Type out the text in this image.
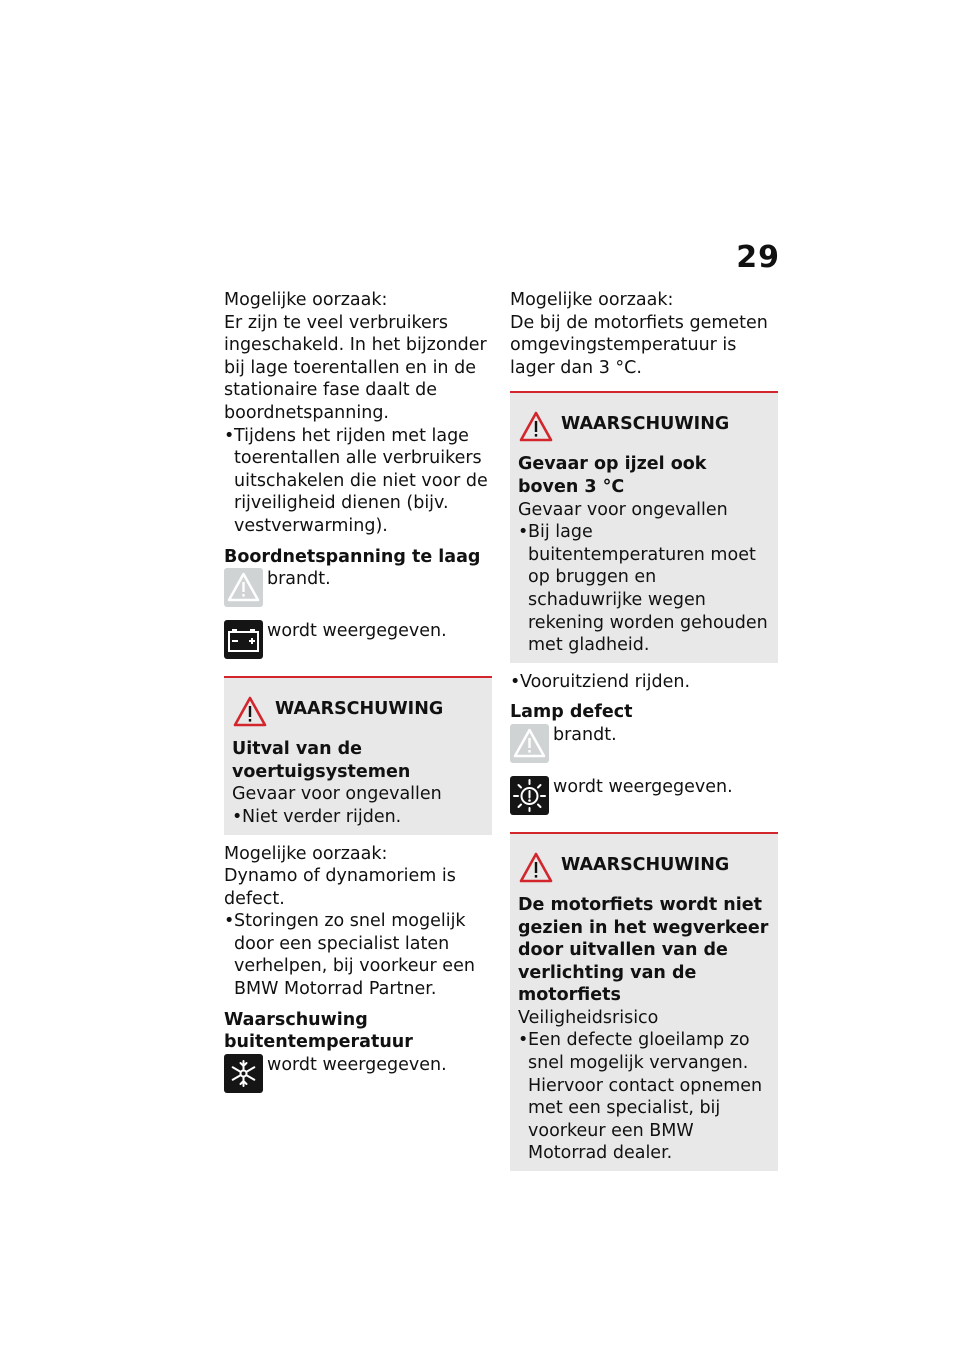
29

Mogelijke oorzaak:

Er zijn te veel verbruikers ingeschakeld. In het bijzonder bij lage toerentallen en in de stationaire fase daalt de boordnetspanning.

• Tijdens het rijden met lage toerentallen alle verbruikers uitschakelen die niet voor de rijveiligheid dienen (bijv. vestverwarming).

Boordnetspanning te laag

brandt.
wordt weergegeven.
WAARSCHUWING

Uitval van de voertuigsystemen

Gevaar voor ongevallen

• Niet verder rijden.

Mogelijke oorzaak:

Dynamo of dynamoriem is defect.

• Storingen zo snel mogelijk door een specialist laten verhelpen, bij voorkeur een BMW Motorrad Partner.

Waarschuwing buitentemperatuur

wordt weergegeven.

Mogelijke oorzaak:

De bij de motorfiets gemeten omgevingstemperatuur is lager dan 3 °C.

WAARSCHUWING

Gevaar op ijzel ook boven 3 °C

Gevaar voor ongevallen

• Bij lage buitentemperaturen moet op bruggen en schaduwrijke wegen rekening worden gehouden met gladheid.
• Vooruitziend rijden.

Lamp defect

brandt.
wordt weergegeven.
WAARSCHUWING

De motorfiets wordt niet gezien in het wegverkeer door uitvallen van de verlichting van de motorfiets

Veiligheidsrisico

• Een defecte gloeilamp zo snel mogelijk vervangen. Hiervoor contact opnemen met een specialist, bij voorkeur een BMW Motorrad dealer.
